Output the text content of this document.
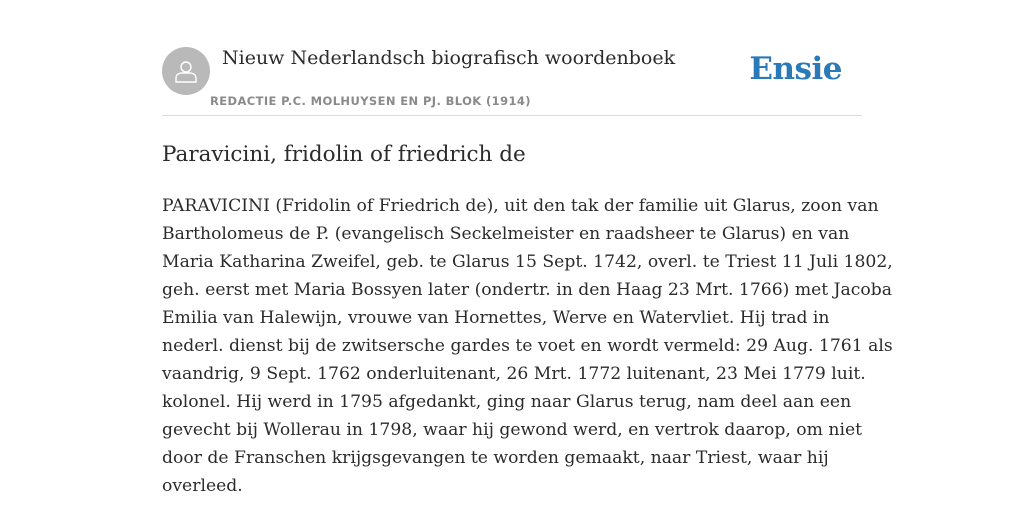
Nieuw Nederlandsch biografisch woordenboek
REDACTIE P.C. MOLHUYSEN EN PJ. BLOK (1914)
Ensie
Paravicini, fridolin of friedrich de
PARAVICINI (Fridolin of Friedrich de), uit den tak der familie uit Glarus, zoon van
Bartholomeus de P. (evangelisch Seckelmeister en raadsheer te Glarus) en van
Maria Katharina Zweifel, geb. te Glarus 15 Sept. 1742, overl. te Triest 11 Juli 1802,
geh. eerst met Maria Bossyen later (ondertr. in den Haag 23 Mrt. 1766) met Jacoba
Emilia van Halewijn, vrouwe van Hornettes, Werve en Watervliet. Hij trad in
nederl. dienst bij de zwitsersche gardes te voet en wordt vermeld: 29 Aug. 1761 als
vaandrig, 9 Sept. 1762 onderluitenant, 26 Mrt. 1772 luitenant, 23 Mei 1779 luit.
kolonel. Hij werd in 1795 afgedankt, ging naar Glarus terug, nam deel aan een
gevecht bij Wollerau in 1798, waar hij gewond werd, en vertrok daarop, om niet
door de Franschen krijgsgevangen te worden gemaakt, naar Triest, waar hij
overleed.
